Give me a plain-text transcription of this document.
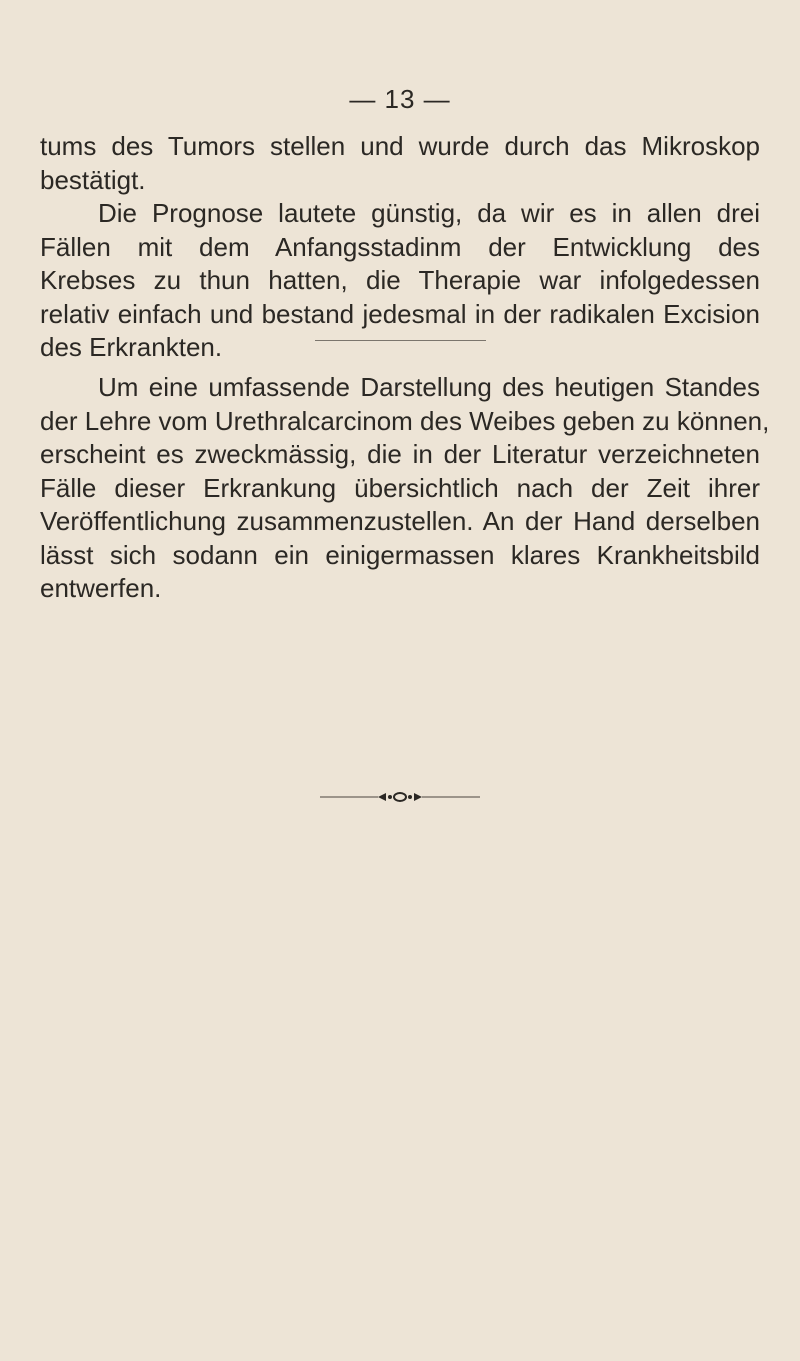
— 13 —
tums des Tumors stellen und wurde durch das Mikroskop
bestätigt.
Die Prognose lautete günstig, da wir es in allen drei
Fällen mit dem Anfangsstadinm der Entwicklung des
Krebses zu thun hatten, die Therapie war infolgedessen
relativ einfach und bestand jedesmal in der radikalen Excision
des Erkrankten.
Um eine umfassende Darstellung des heutigen Standes
der Lehre vom Urethralcarcinom des Weibes geben zu können,
erscheint es zweckmässig, die in der Literatur verzeichneten
Fälle dieser Erkrankung übersichtlich nach der Zeit ihrer
Veröffentlichung zusammenzustellen. An der Hand derselben
lässt sich sodann ein einigermassen klares Krankheitsbild
entwerfen.
